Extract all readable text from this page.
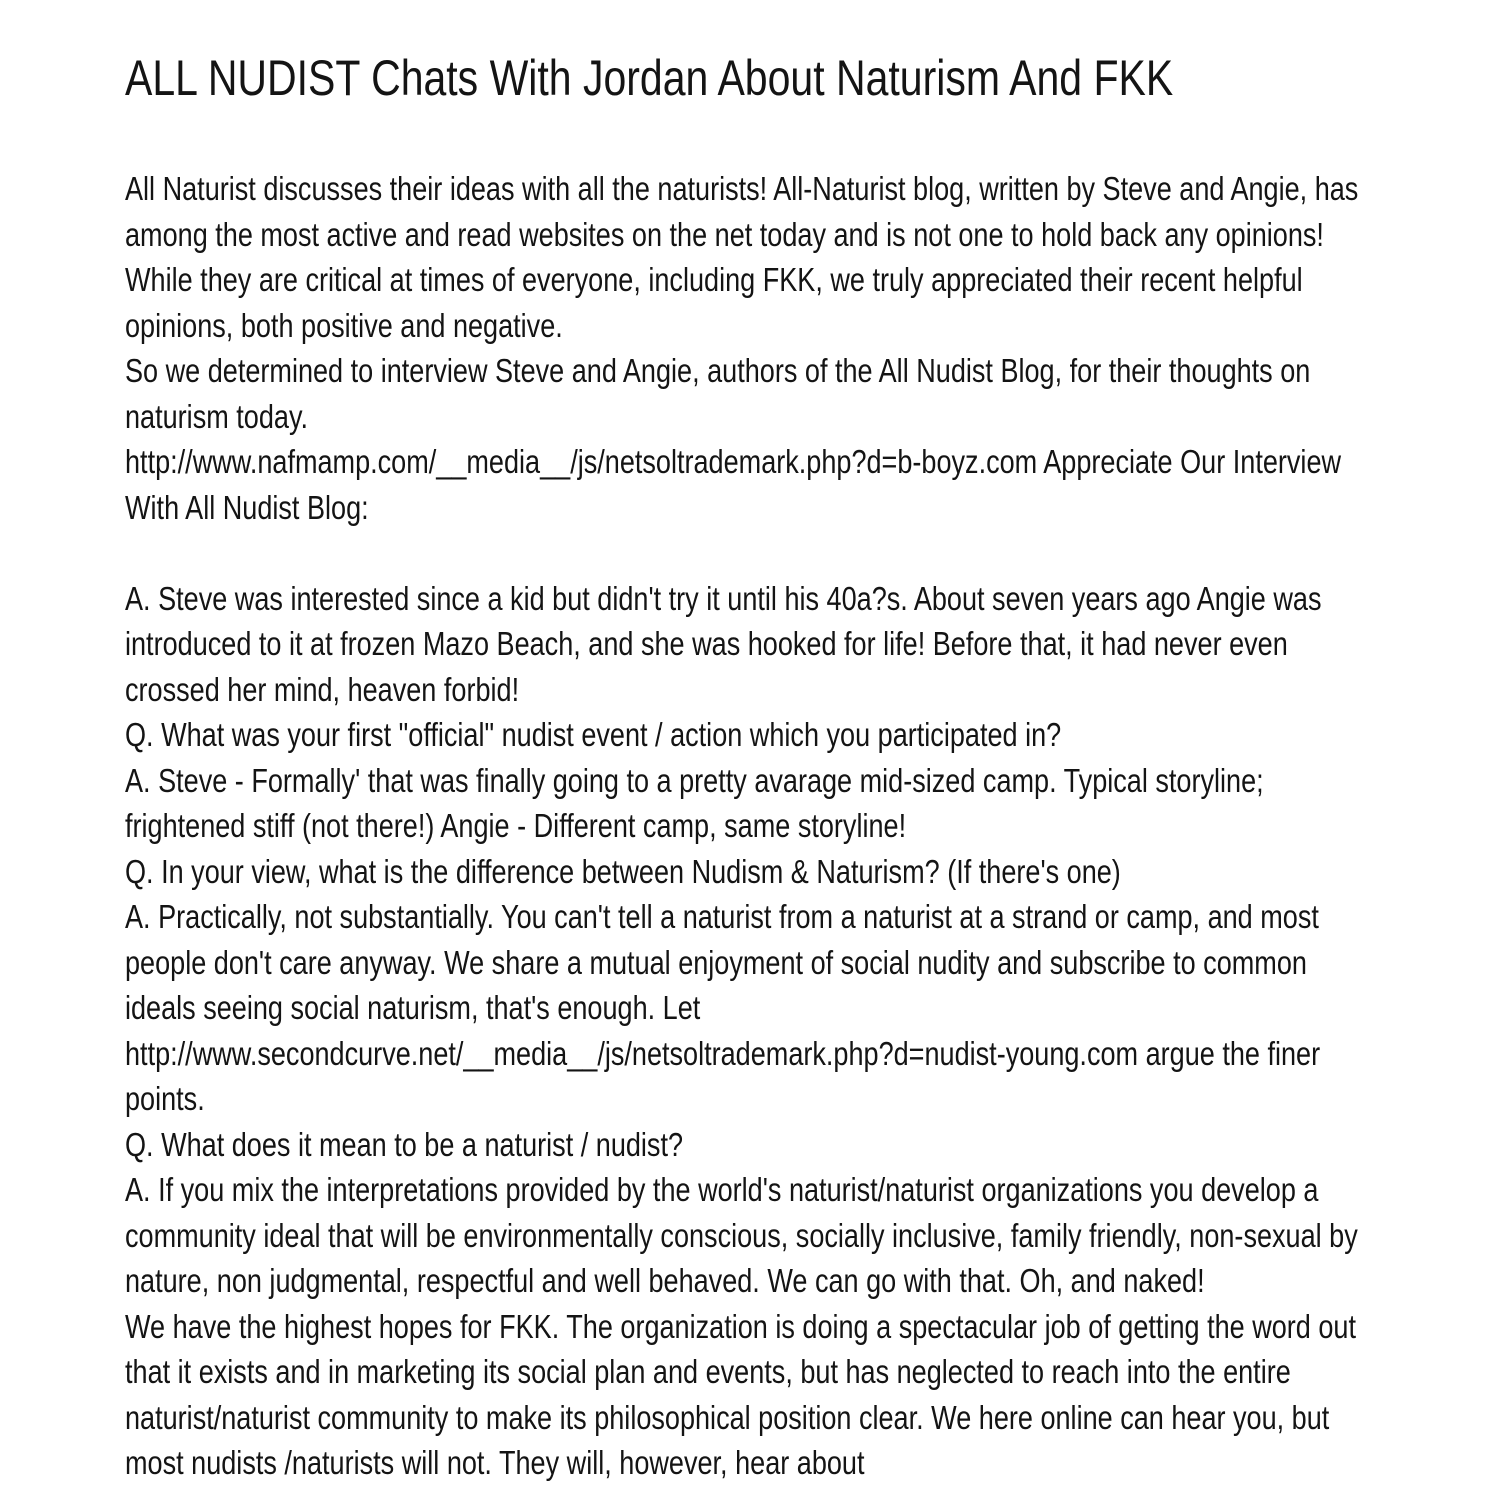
ALL NUDIST Chats With Jordan About Naturism And FKK

All Naturist discusses their ideas with all the naturists! All-Naturist blog, written by Steve and Angie, has among the most active and read websites on the net today and is not one to hold back any opinions! While they are critical at times of everyone, including FKK, we truly appreciated their recent helpful opinions, both positive and negative.

So we determined to interview Steve and Angie, authors of the All Nudist Blog, for their thoughts on naturism today.

http://www.nafmamp.com/__media__/js/netsoltrademark.php?d=b-boyz.com Appreciate Our Interview With All Nudist Blog:

A. Steve was interested since a kid but didn't try it until his 40a?s. About seven years ago Angie was introduced to it at frozen Mazo Beach, and she was hooked for life! Before that, it had never even crossed her mind, heaven forbid!

Q. What was your first "official" nudist event / action which you participated in?

A. Steve - Formally' that was finally going to a pretty avarage mid-sized camp. Typical storyline; frightened stiff (not there!) Angie - Different camp, same storyline!

Q. In your view, what is the difference between Nudism & Naturism? (If there's one)

A. Practically, not substantially. You can't tell a naturist from a naturist at a strand or camp, and most people don't care anyway. We share a mutual enjoyment of social nudity and subscribe to common ideals seeing social naturism, that's enough. Let http://www.secondcurve.net/__media__/js/netsoltrademark.php?d=nudist-young.com argue the finer points.

Q. What does it mean to be a naturist / nudist?

A. If you mix the interpretations provided by the world's naturist/naturist organizations you develop a community ideal that will be environmentally conscious, socially inclusive, family friendly, non-sexual by nature, non judgmental, respectful and well behaved. We can go with that. Oh, and naked!

We have the highest hopes for FKK. The organization is doing a spectacular job of getting the word out that it exists and in marketing its social plan and events, but has neglected to reach into the entire naturist/naturist community to make its philosophical position clear. We here online can hear you, but most nudists /naturists will not. They will, however, hear about
